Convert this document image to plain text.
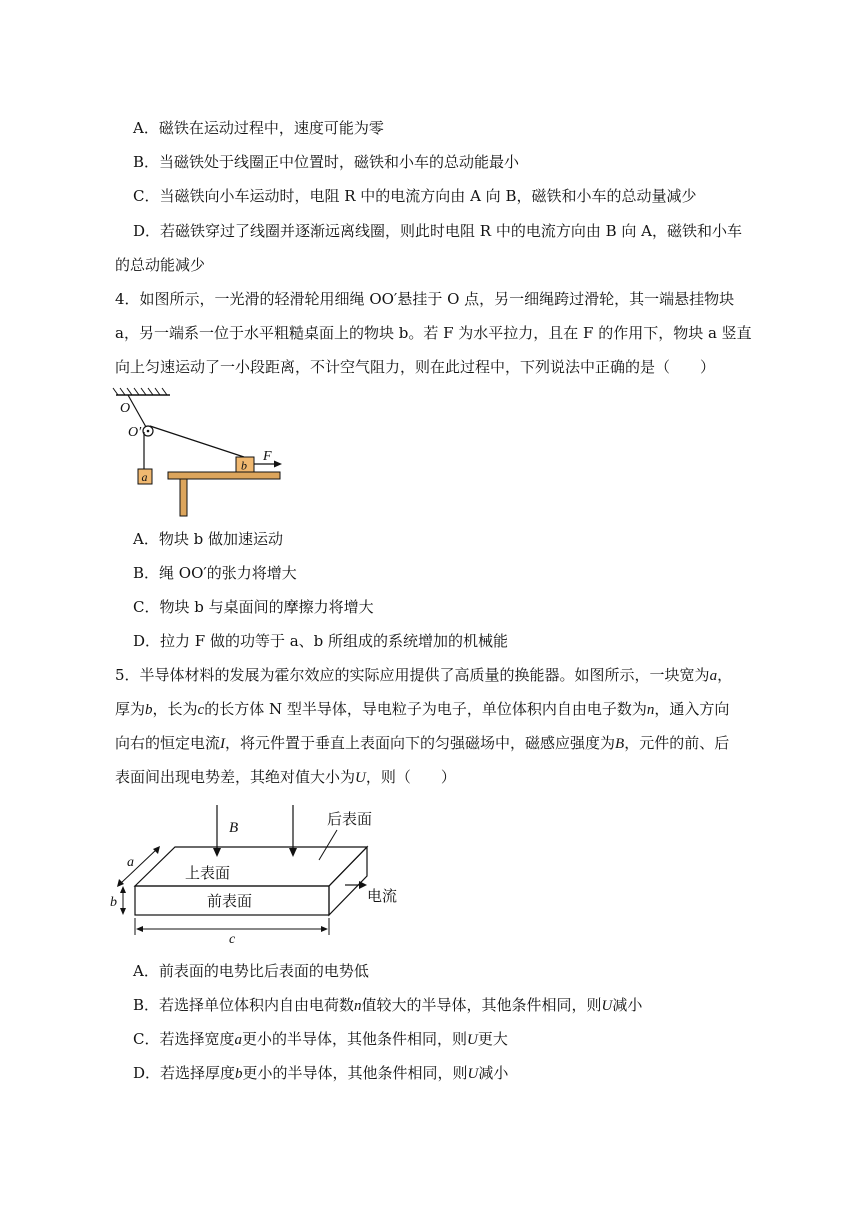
A．磁铁在运动过程中，速度可能为零
B．当磁铁处于线圈正中位置时，磁铁和小车的总动能最小
C．当磁铁向小车运动时，电阻 R 中的电流方向由 A 向 B，磁铁和小车的总动量减少
D．若磁铁穿过了线圈并逐渐远离线圈，则此时电阻 R 中的电流方向由 B 向 A，磁铁和小车
的总动能减少
4．如图所示，一光滑的轻滑轮用细绳 OO′悬挂于 O 点，另一细绳跨过滑轮，其一端悬挂物块
a，另一端系一位于水平粗糙桌面上的物块 b。若 F 为水平拉力，且在 F 的作用下，物块 a 竖直
向上匀速运动了一小段距离，不计空气阻力，则在此过程中，下列说法中正确的是（　　）
a
b
F
O
O′
A．物块 b 做加速运动
B．绳 OO′的张力将增大
C．物块 b 与桌面间的摩擦力将增大
D．拉力 F 做的功等于 a、b 所组成的系统增加的机械能
5．半导体材料的发展为霍尔效应的实际应用提供了高质量的换能器。如图所示，一块宽为a，
厚为b，长为c的长方体 N 型半导体，导电粒子为电子，单位体积内自由电子数为n，通入方向
向右的恒定电流I，将元件置于垂直上表面向下的匀强磁场中，磁感应强度为B，元件的前、后
表面间出现电势差，其绝对值大小为U，则（　　）
B	后表面
上表面
前表面	电流
a
b
c
A．前表面的电势比后表面的电势低
B．若选择单位体积内自由电荷数n值较大的半导体，其他条件相同，则U减小
C．若选择宽度a更小的半导体，其他条件相同，则U更大
D．若选择厚度b更小的半导体，其他条件相同，则U减小
